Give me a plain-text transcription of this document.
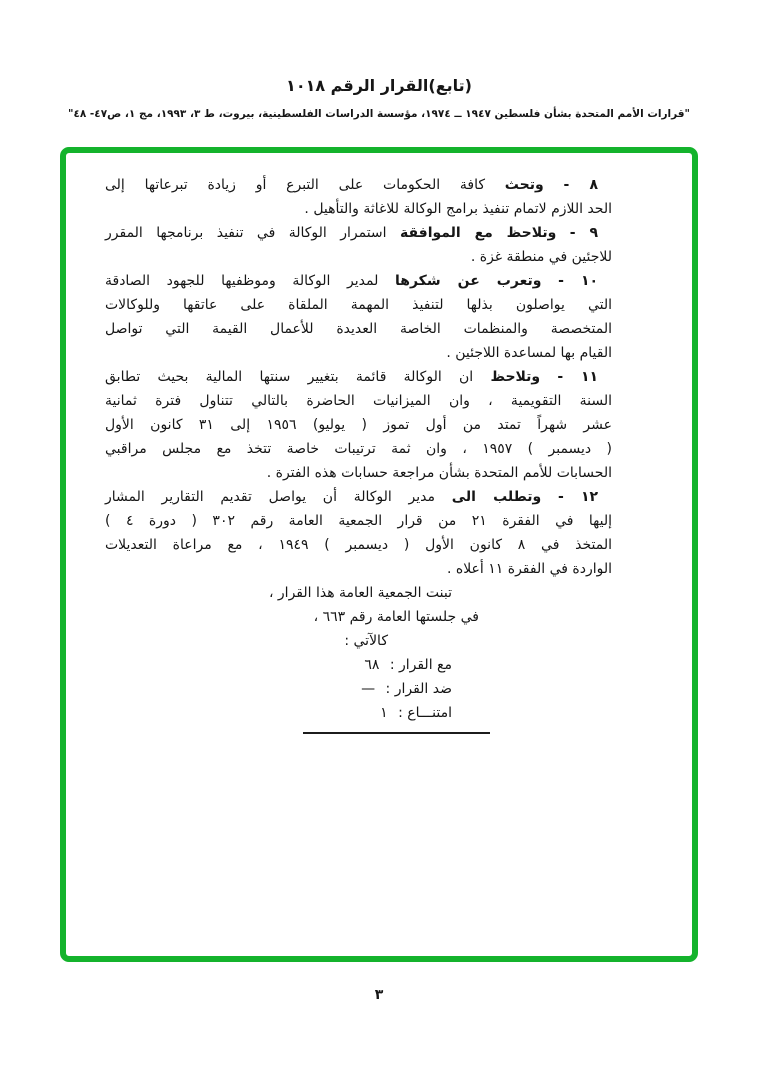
(تابع)القرار الرقم ١٠١٨
"قرارات الأمم المتحدة بشأن فلسطين ١٩٤٧ ــ ١٩٧٤، مؤسسة الدراسات الفلسطينية، بيروت، ط ٣، ١٩٩٣، مج ١، ص٤٧- ٤٨"
٨ - وتحث كافة الحكومات على التبرع أو زيادة تبرعاتها إلى
الحد اللازم لاتمام تنفيذ برامج الوكالة للاغاثة والتأهيل .
٩ - وتلاحظ مع الموافقة استمرار الوكالة في تنفيذ برنامجها المقرر
للاجئين في منطقة غزة .
١٠ - وتعرب عن شكرها لمدير الوكالة وموظفيها للجهود الصادقة
التي يواصلون بذلها لتنفيذ المهمة الملقاة على عاتقها وللوكالات
المتخصصة والمنظمات الخاصة العديدة للأعمال القيمة التي تواصل
القيام بها لمساعدة اللاجئين .
١١ - وتلاحظ ان الوكالة قائمة بتغيير سنتها المالية بحيث تطابق
السنة التقويمية ، وان الميزانيات الحاضرة بالتالي تتناول فترة ثمانية
عشر شهراً تمتد من أول تموز ( يوليو) ١٩٥٦ إلى ٣١ كانون الأول
( ديسمبر ) ١٩٥٧ ، وان ثمة ترتيبات خاصة تتخذ مع مجلس مراقبي
الحسابات للأمم المتحدة بشأن مراجعة حسابات هذه الفترة .
١٢ - وتطلب الى مدير الوكالة أن يواصل تقديم التقارير المشار
إليها في الفقرة ٢١ من قرار الجمعية العامة رقم ٣٠٢ ( دورة ٤ )
المتخذ في ٨ كانون الأول ( ديسمبر ) ١٩٤٩ ، مع مراعاة التعديلات
الواردة في الفقرة ١١ أعلاه .
تبنت الجمعية العامة هذا القرار ،
في جلستها العامة رقم ٦٦٣ ،
كالآتي :
مع القرار : ٦٨
ضد القرار : —
امتنـــاع : ١
٣
